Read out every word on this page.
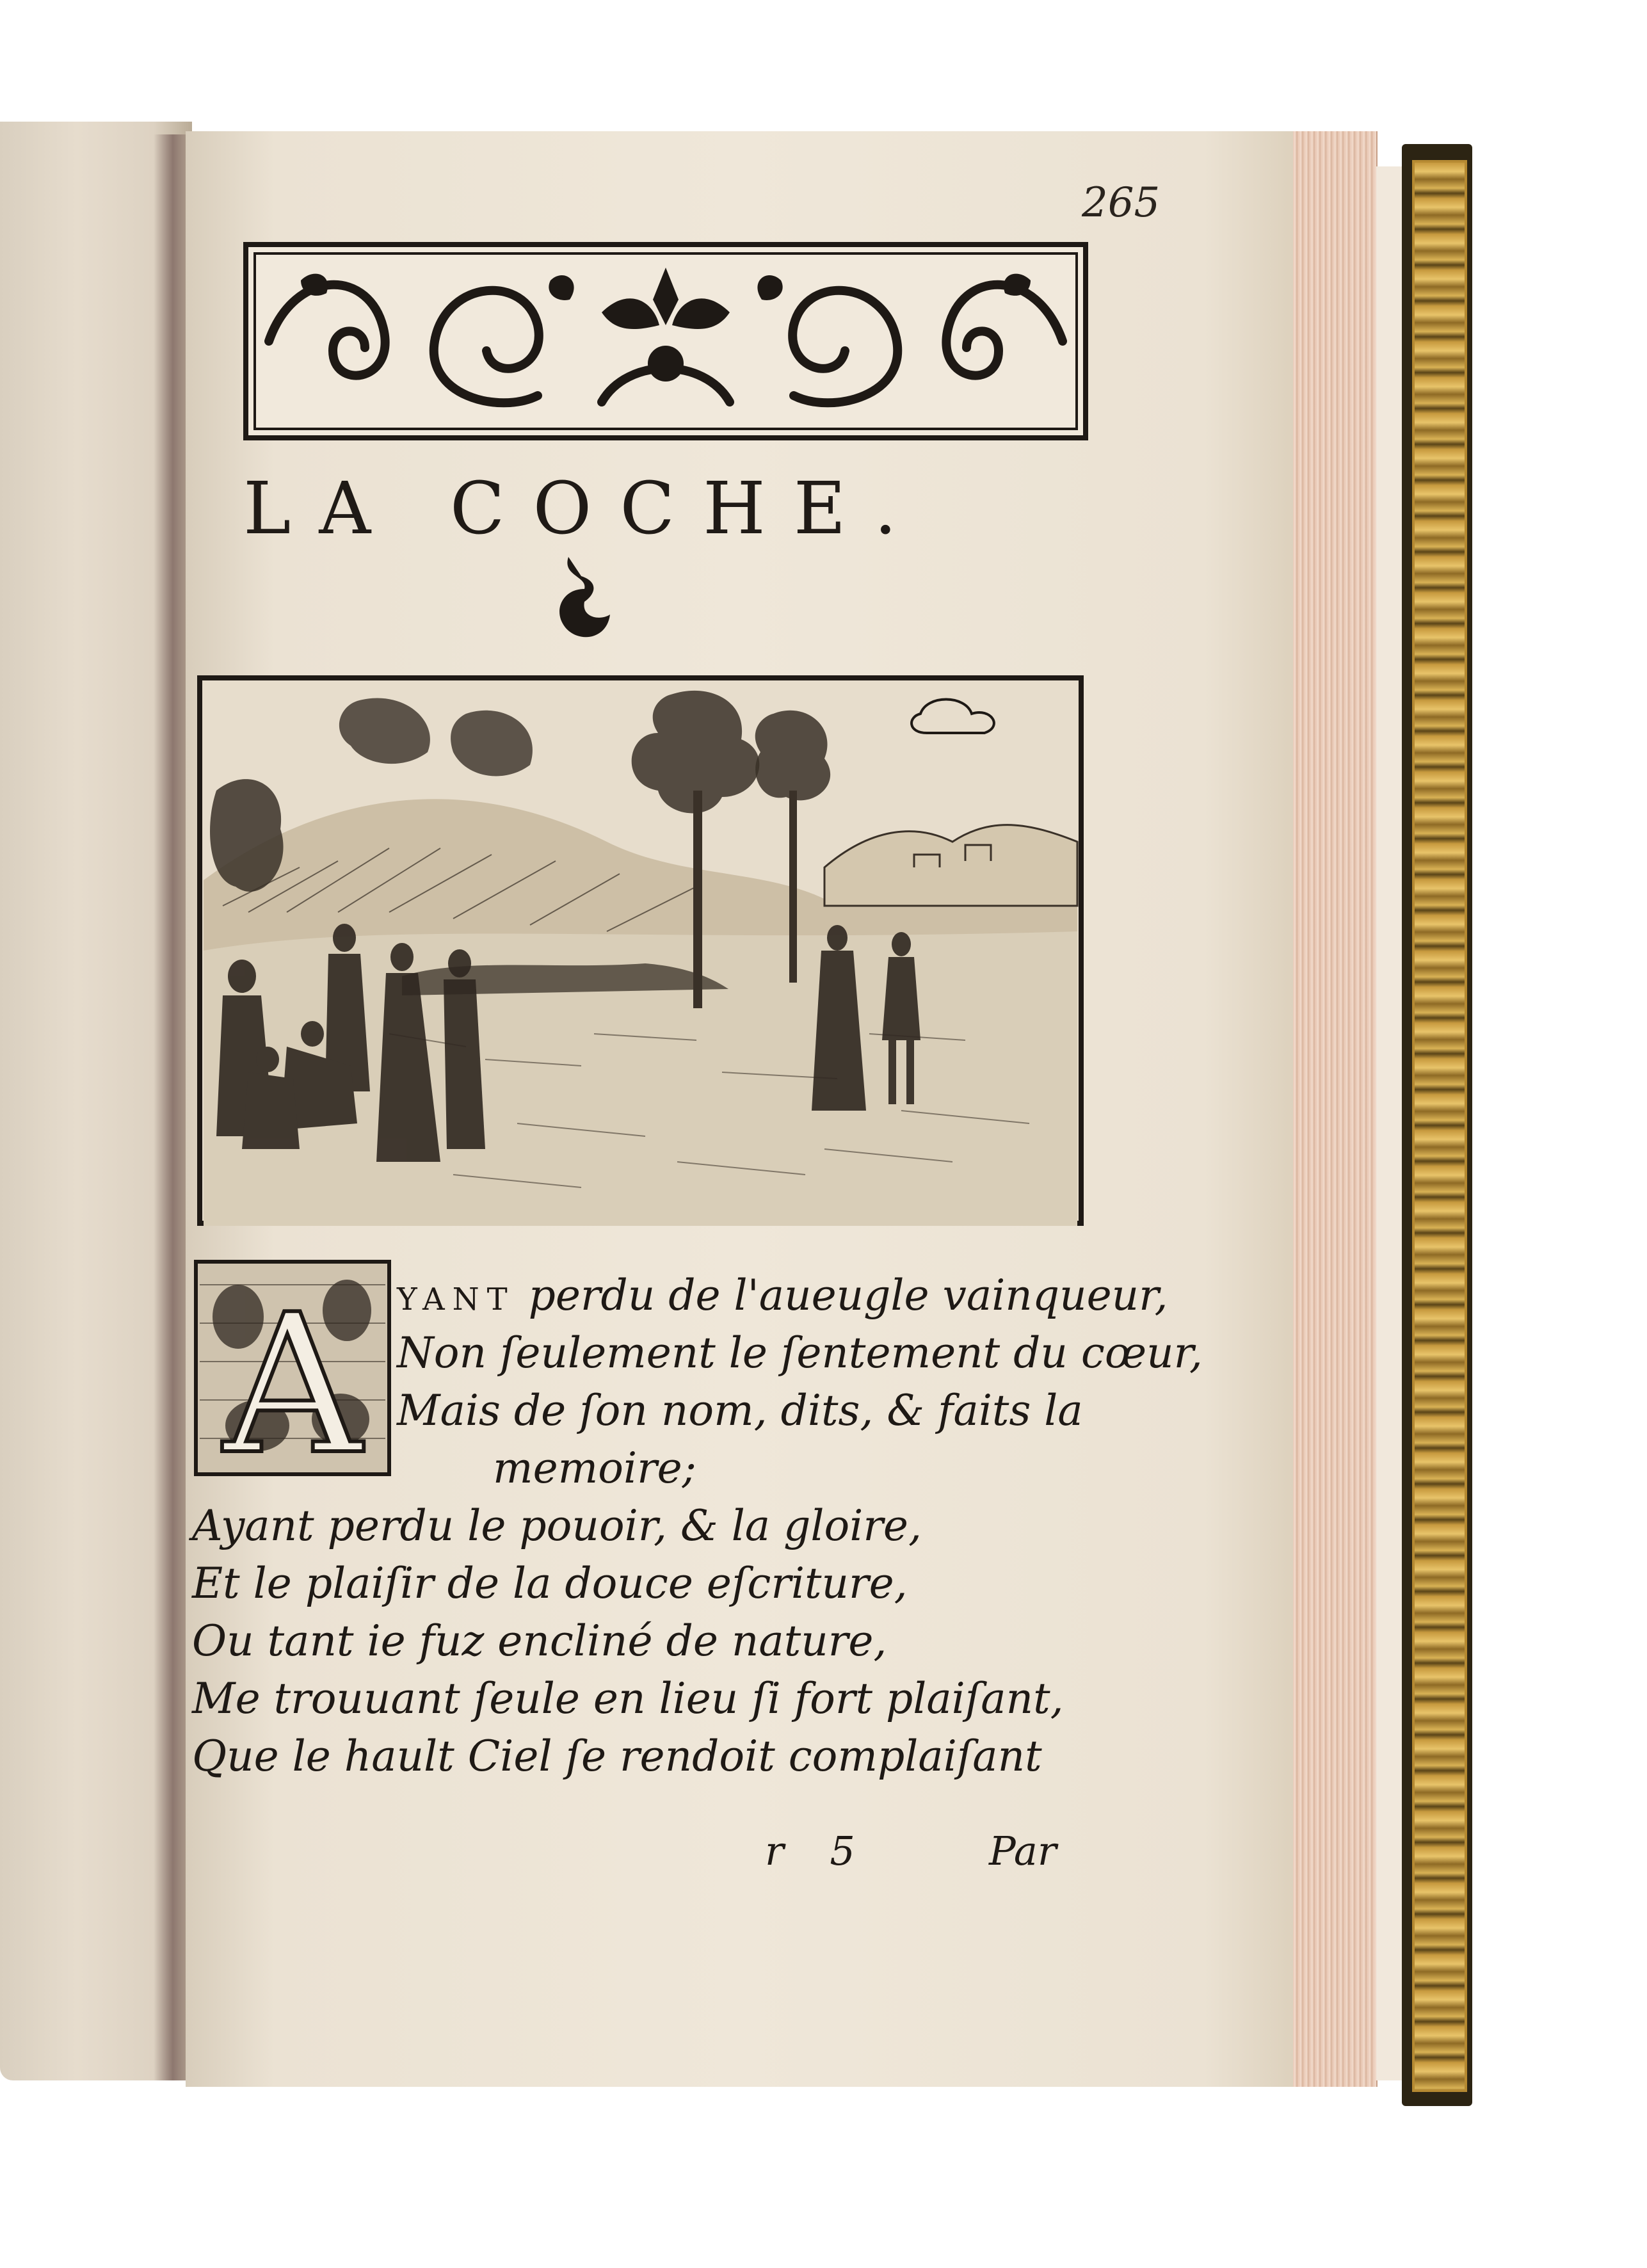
265
LA COCHE.
A YANT perdu de l'aueugle vainqueur,
Non ſeulement le ſentement du cœur,
Mais de ſon nom, dits, & faits la
memoire;
Ayant perdu le pouoir, & la gloire,
Et le plaiſir de la douce eſcriture,
Ou tant ie fuz encliné de nature,
Me trouuant ſeule en lieu ſi fort plaiſant,
Que le hault Ciel ſe rendoit complaiſant
r 5	Par
